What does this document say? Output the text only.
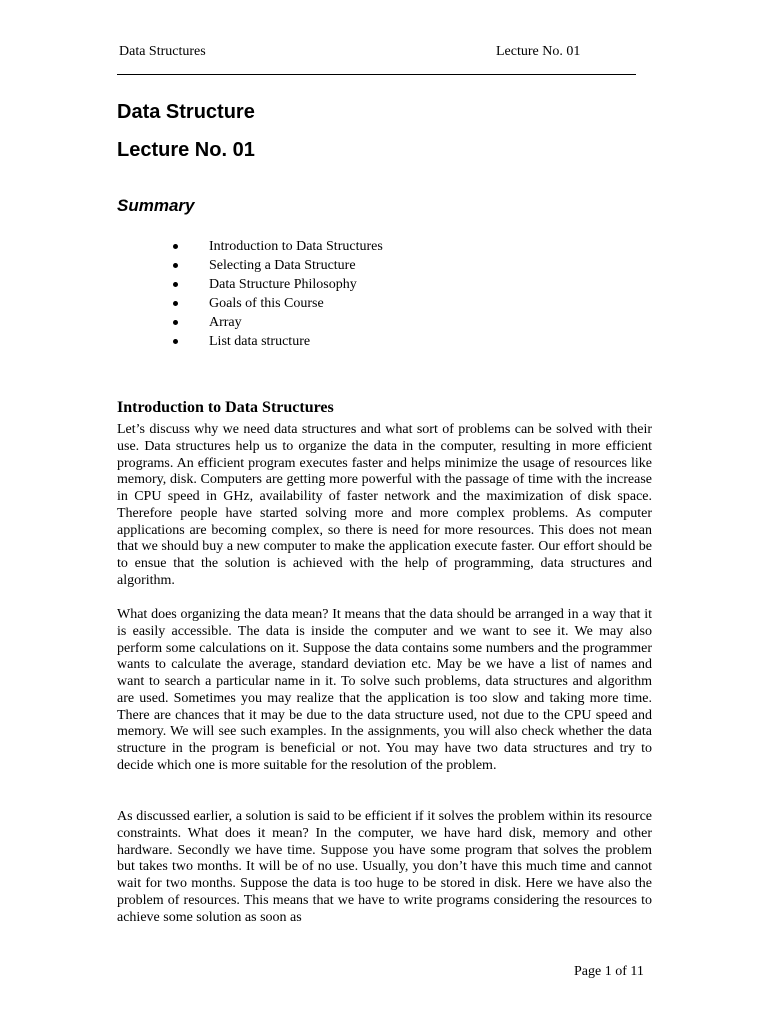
Data Structures	Lecture No. 01
Data Structure
Lecture No. 01
Summary
Introduction to Data Structures
Selecting a Data Structure
Data Structure Philosophy
Goals of this Course
Array
List data structure
Introduction to Data Structures

Let’s discuss why we need data structures and what sort of problems can be solved with their use. Data structures help us to organize the data in the computer, resulting in more efficient programs. An efficient program executes faster and helps minimize the usage of resources like memory, disk. Computers are getting more powerful with the passage of time with the increase in CPU speed in GHz, availability of faster network and the maximization of disk space. Therefore people have started solving more and more complex problems. As computer applications are becoming complex, so there is need for more resources. This does not mean that we should buy a new computer to make the application execute faster. Our effort should be to ensue that the solution is achieved with the help of programming, data structures and algorithm.

What does organizing the data mean? It means that the data should be arranged in a way that it is easily accessible. The data is inside the computer and we want to see it. We may also perform some calculations on it. Suppose the data contains some numbers and the programmer wants to calculate the average, standard deviation etc. May be we have a list of names and want to search a particular name in it. To solve such problems, data structures and algorithm are used. Sometimes you may realize that the application is too slow and taking more time. There are chances that it may be due to the data structure used, not due to the CPU speed and memory. We will see such examples. In the assignments, you will also check whether the data structure in the program is beneficial or not. You may have two data structures and try to decide which one is more suitable for the resolution of the problem.

As discussed earlier, a solution is said to be efficient if it solves the problem within its resource constraints. What does it mean? In the computer, we have hard disk, memory and other hardware. Secondly we have time. Suppose you have some program that solves the problem but takes two months. It will be of no use. Usually, you don’t have this much time and cannot wait for two months. Suppose the data is too huge to be stored in disk. Here we have also the problem of resources. This means that we have to write programs considering the resources to achieve some solution as soon as

Page 1 of 11
